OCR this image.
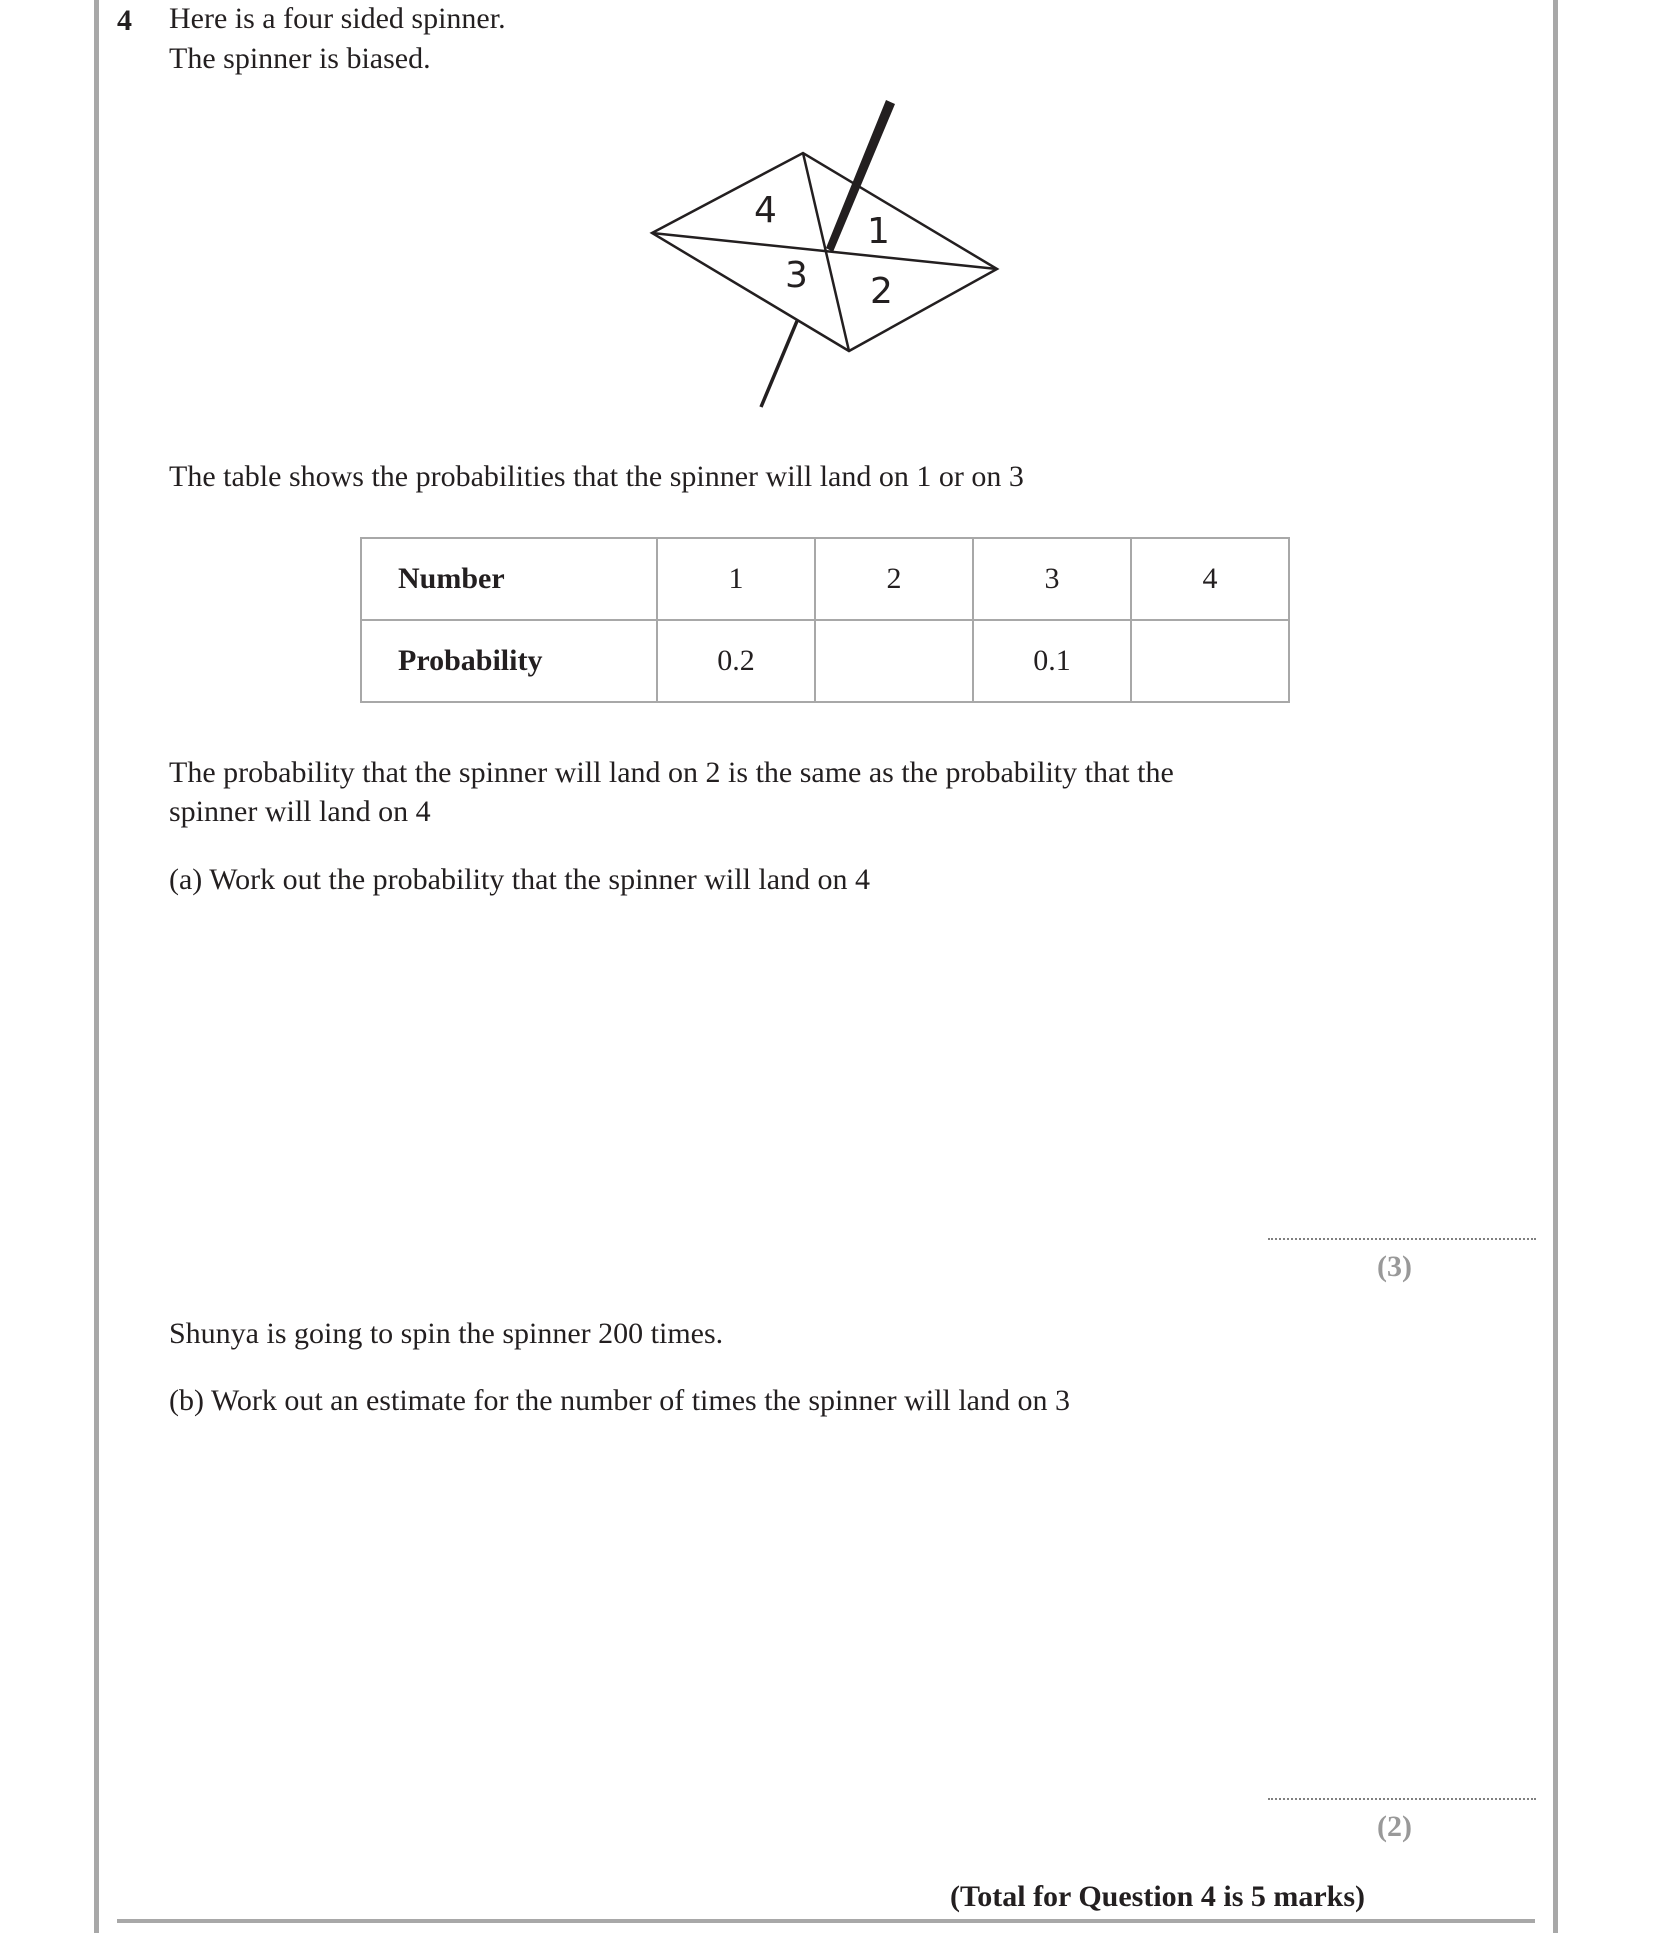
4 Here is a four sided spinner.
The spinner is biased.
1
2
3
4
The table shows the probabilities that the spinner will land on 1 or on 3
Number	1	2	3	4
Probability	0.2		0.1	
The probability that the spinner will land on 2 is the same as the probability that the
spinner will land on 4
(a) Work out the probability that the spinner will land on 4
(3)
Shunya is going to spin the spinner 200 times.
(b) Work out an estimate for the number of times the spinner will land on 3
(2)
(Total for Question 4 is 5 marks)
